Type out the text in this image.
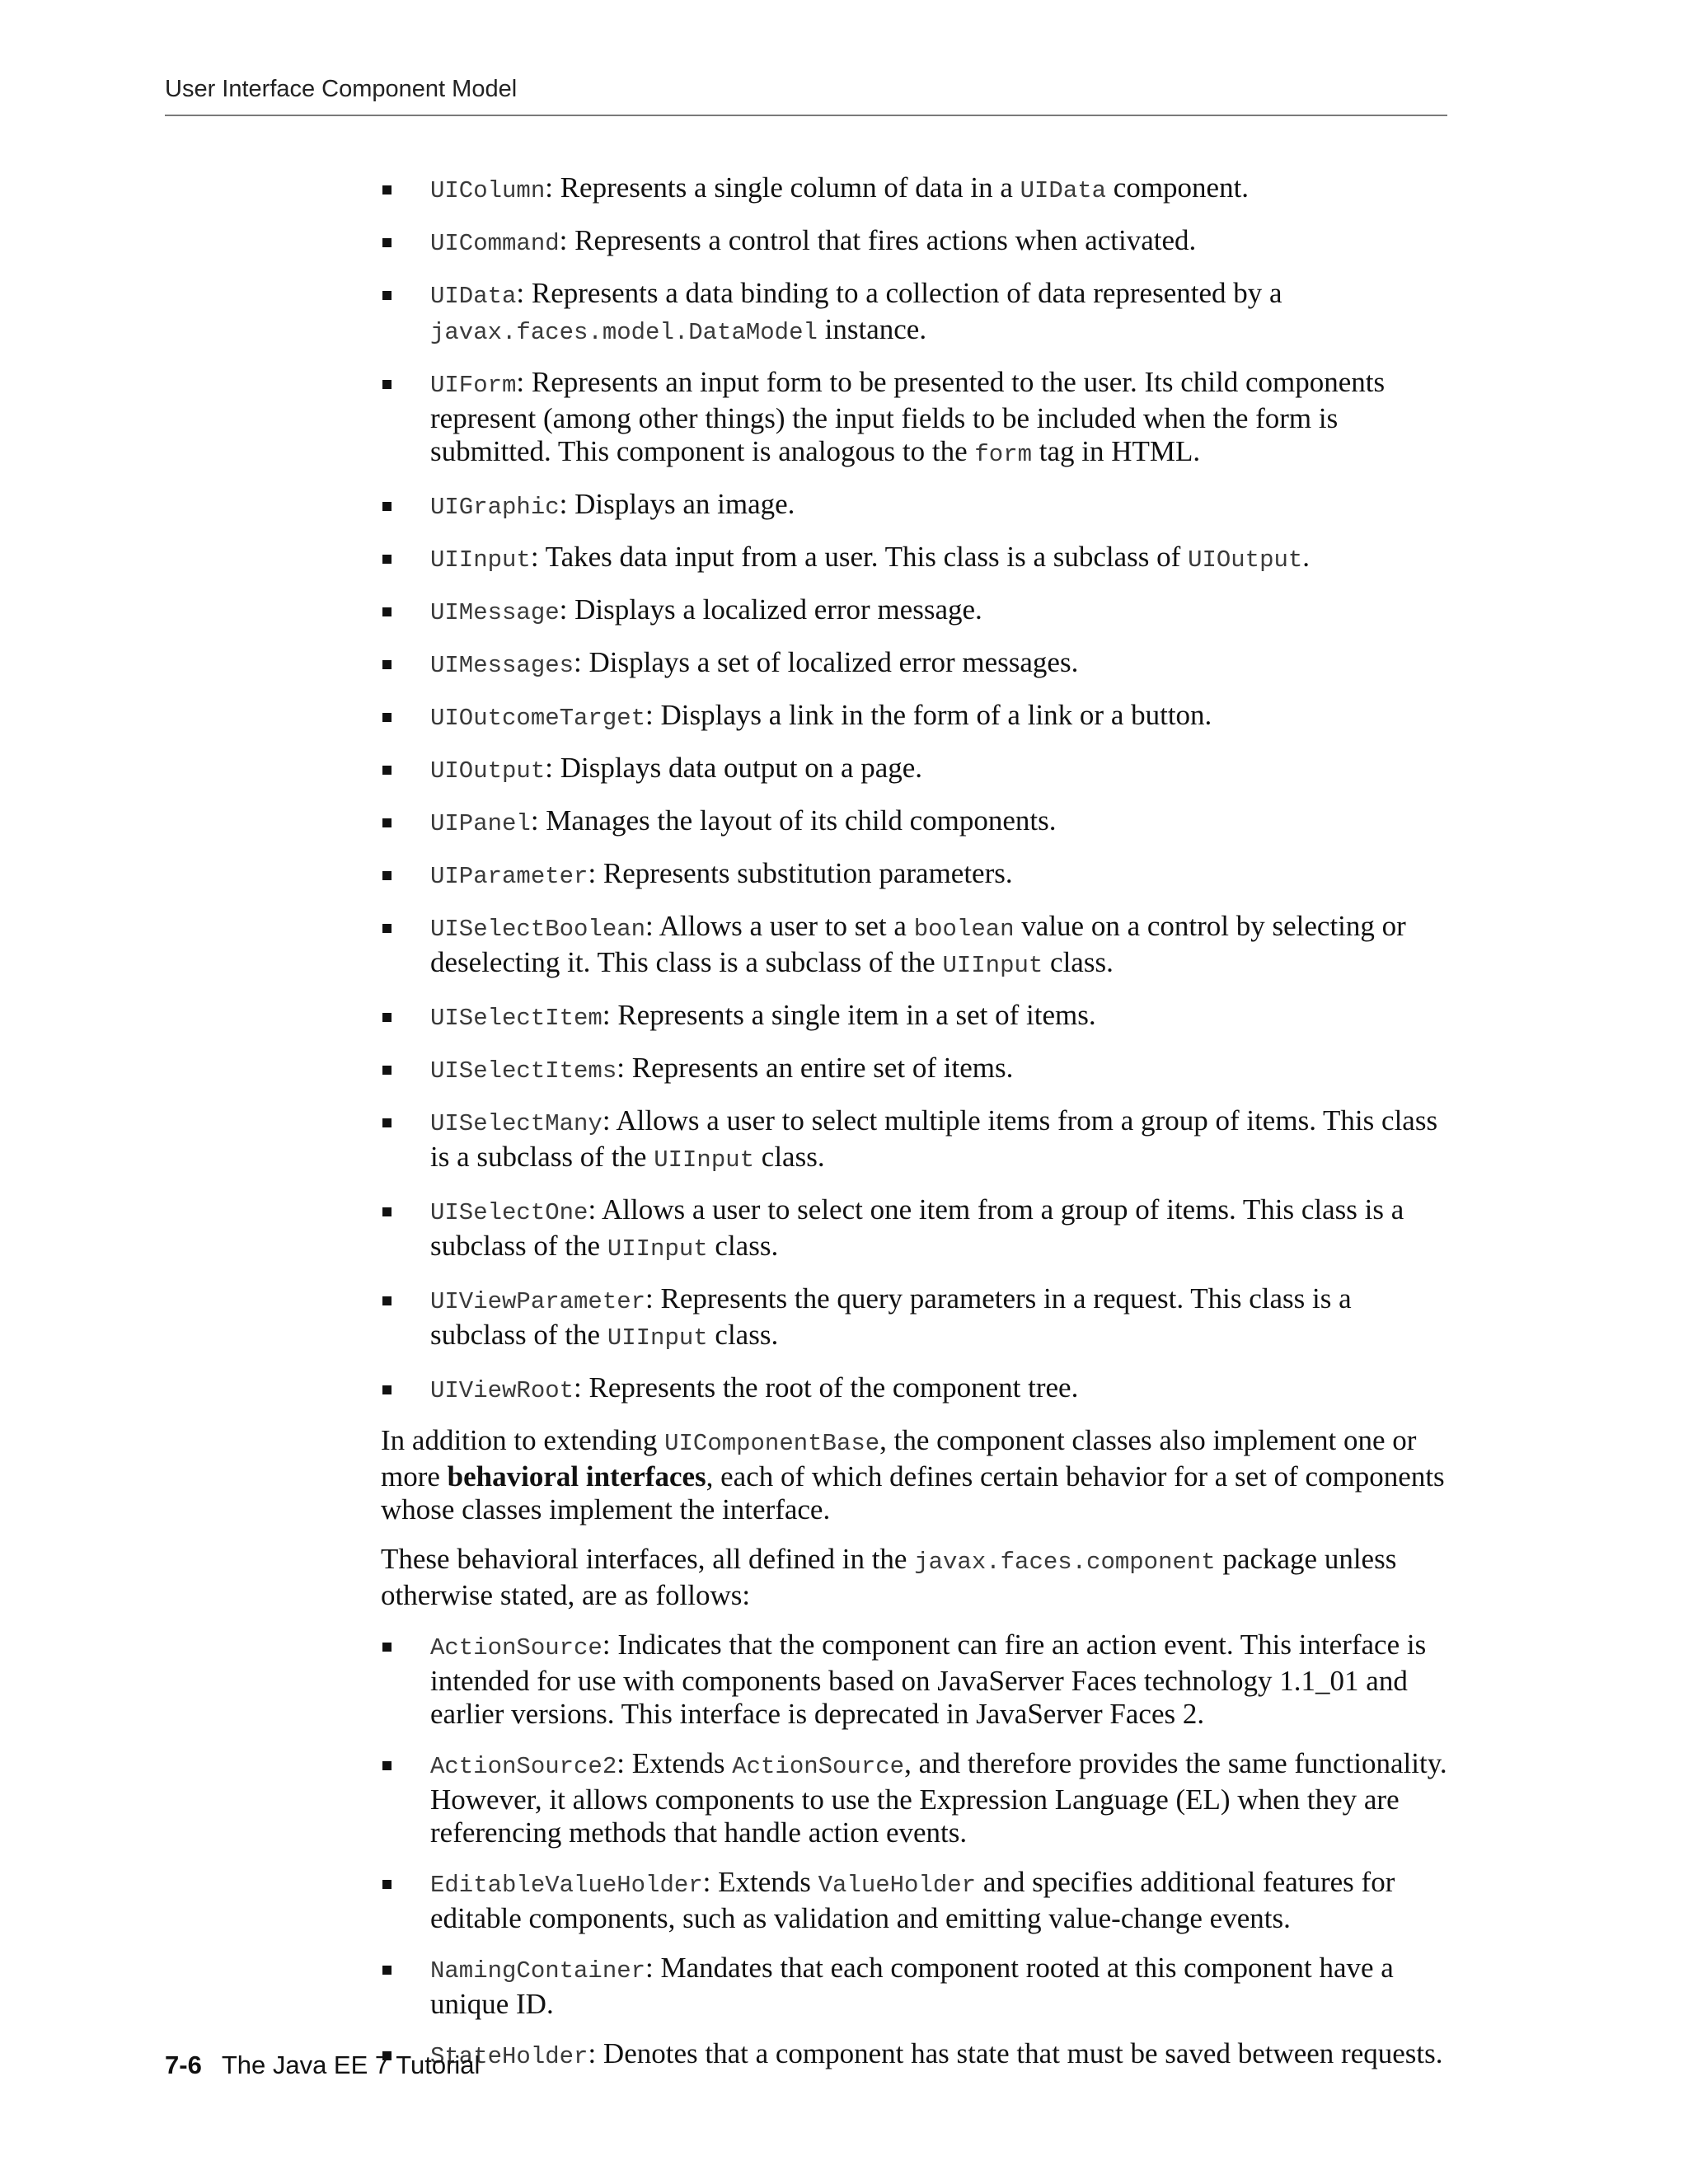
User Interface Component Model
UIColumn: Represents a single column of data in a UIData component.
UICommand: Represents a control that fires actions when activated.
UIData: Represents a data binding to a collection of data represented by a javax.faces.model.DataModel instance.
UIForm: Represents an input form to be presented to the user. Its child components represent (among other things) the input fields to be included when the form is submitted. This component is analogous to the form tag in HTML.
UIGraphic: Displays an image.
UIInput: Takes data input from a user. This class is a subclass of UIOutput.
UIMessage: Displays a localized error message.
UIMessages: Displays a set of localized error messages.
UIOutcomeTarget: Displays a link in the form of a link or a button.
UIOutput: Displays data output on a page.
UIPanel: Manages the layout of its child components.
UIParameter: Represents substitution parameters.
UISelectBoolean: Allows a user to set a boolean value on a control by selecting or deselecting it. This class is a subclass of the UIInput class.
UISelectItem: Represents a single item in a set of items.
UISelectItems: Represents an entire set of items.
UISelectMany: Allows a user to select multiple items from a group of items. This class is a subclass of the UIInput class.
UISelectOne: Allows a user to select one item from a group of items. This class is a subclass of the UIInput class.
UIViewParameter: Represents the query parameters in a request. This class is a subclass of the UIInput class.
UIViewRoot: Represents the root of the component tree.

In addition to extending UIComponentBase, the component classes also implement one or more behavioral interfaces, each of which defines certain behavior for a set of components whose classes implement the interface.

These behavioral interfaces, all defined in the javax.faces.component package unless otherwise stated, are as follows:

ActionSource: Indicates that the component can fire an action event. This interface is intended for use with components based on JavaServer Faces technology 1.1_01 and earlier versions. This interface is deprecated in JavaServer Faces 2.
ActionSource2: Extends ActionSource, and therefore provides the same functionality. However, it allows components to use the Expression Language (EL) when they are referencing methods that handle action events.
EditableValueHolder: Extends ValueHolder and specifies additional features for editable components, such as validation and emitting value-change events.
NamingContainer: Mandates that each component rooted at this component have a unique ID.
StateHolder: Denotes that a component has state that must be saved between requests.
7-6 The Java EE 7 Tutorial
